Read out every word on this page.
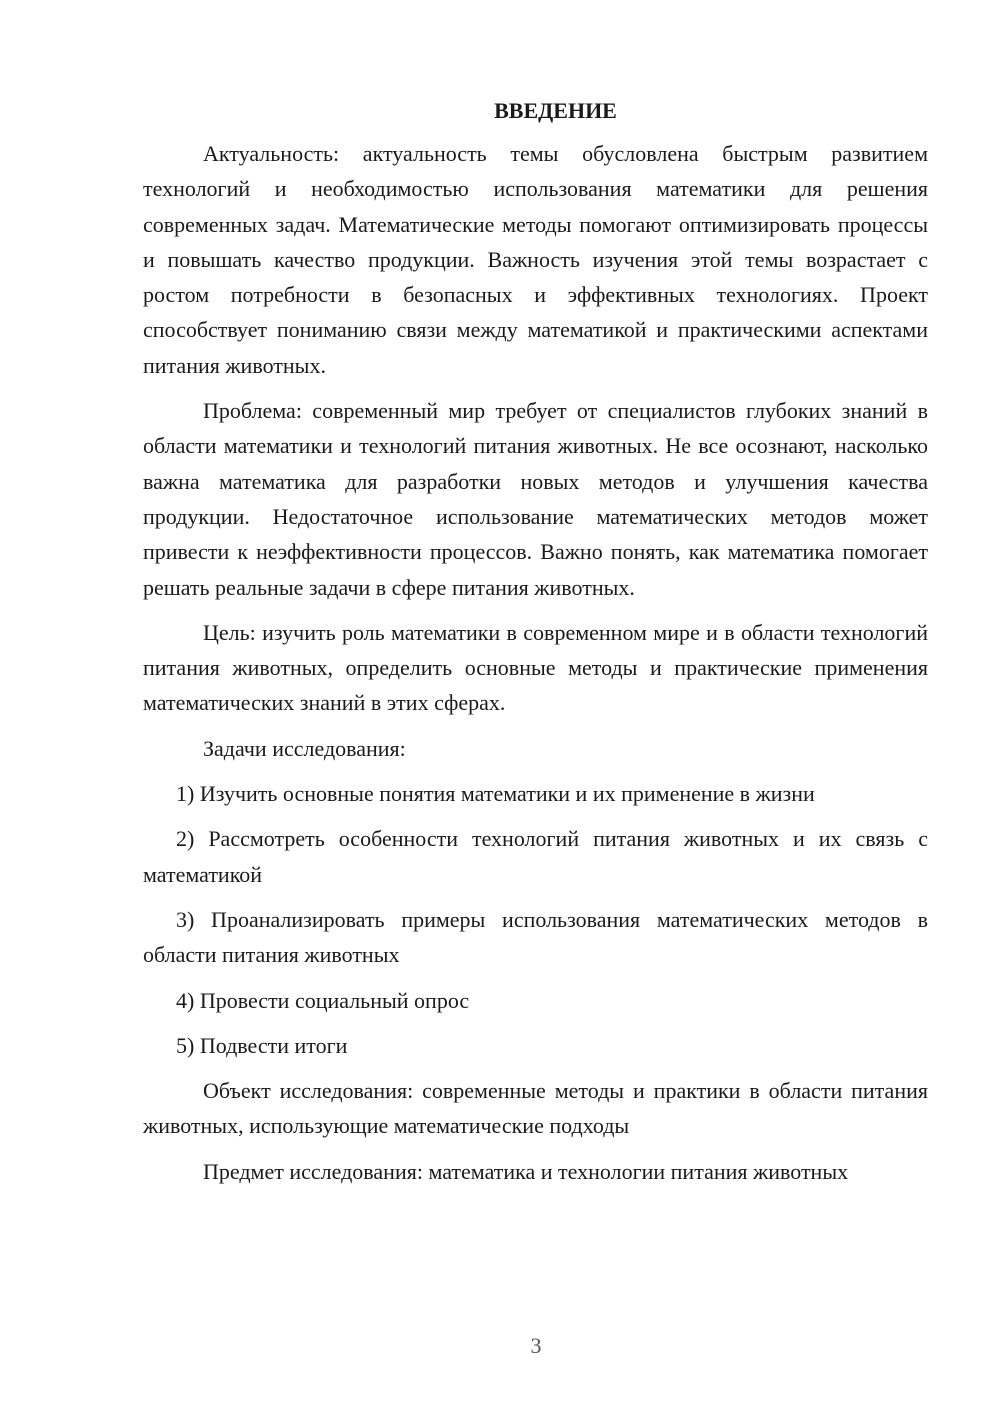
ВВЕДЕНИЕ

Актуальность: актуальность темы обусловлена быстрым развитием технологий и необходимостью использования математики для решения современных задач. Математические методы помогают оптимизировать процессы и повышать качество продукции. Важность изучения этой темы возрастает с ростом потребности в безопасных и эффективных технологиях. Проект способствует пониманию связи между математикой и практическими аспектами питания животных.

Проблема: современный мир требует от специалистов глубоких знаний в области математики и технологий питания животных. Не все осознают, насколько важна математика для разработки новых методов и улучшения качества продукции. Недостаточное использование математических методов может привести к неэффективности процессов. Важно понять, как математика помогает решать реальные задачи в сфере питания животных.

Цель: изучить роль математики в современном мире и в области технологий питания животных, определить основные методы и практические применения математических знаний в этих сферах.

Задачи исследования:

1) Изучить основные понятия математики и их применение в жизни

2) Рассмотреть особенности технологий питания животных и их связь с математикой

3) Проанализировать примеры использования математических методов в области питания животных

4) Провести социальный опрос

5) Подвести итоги

Объект исследования: современные методы и практики в области питания животных, использующие математические подходы

Предмет исследования: математика и технологии питания животных

3
